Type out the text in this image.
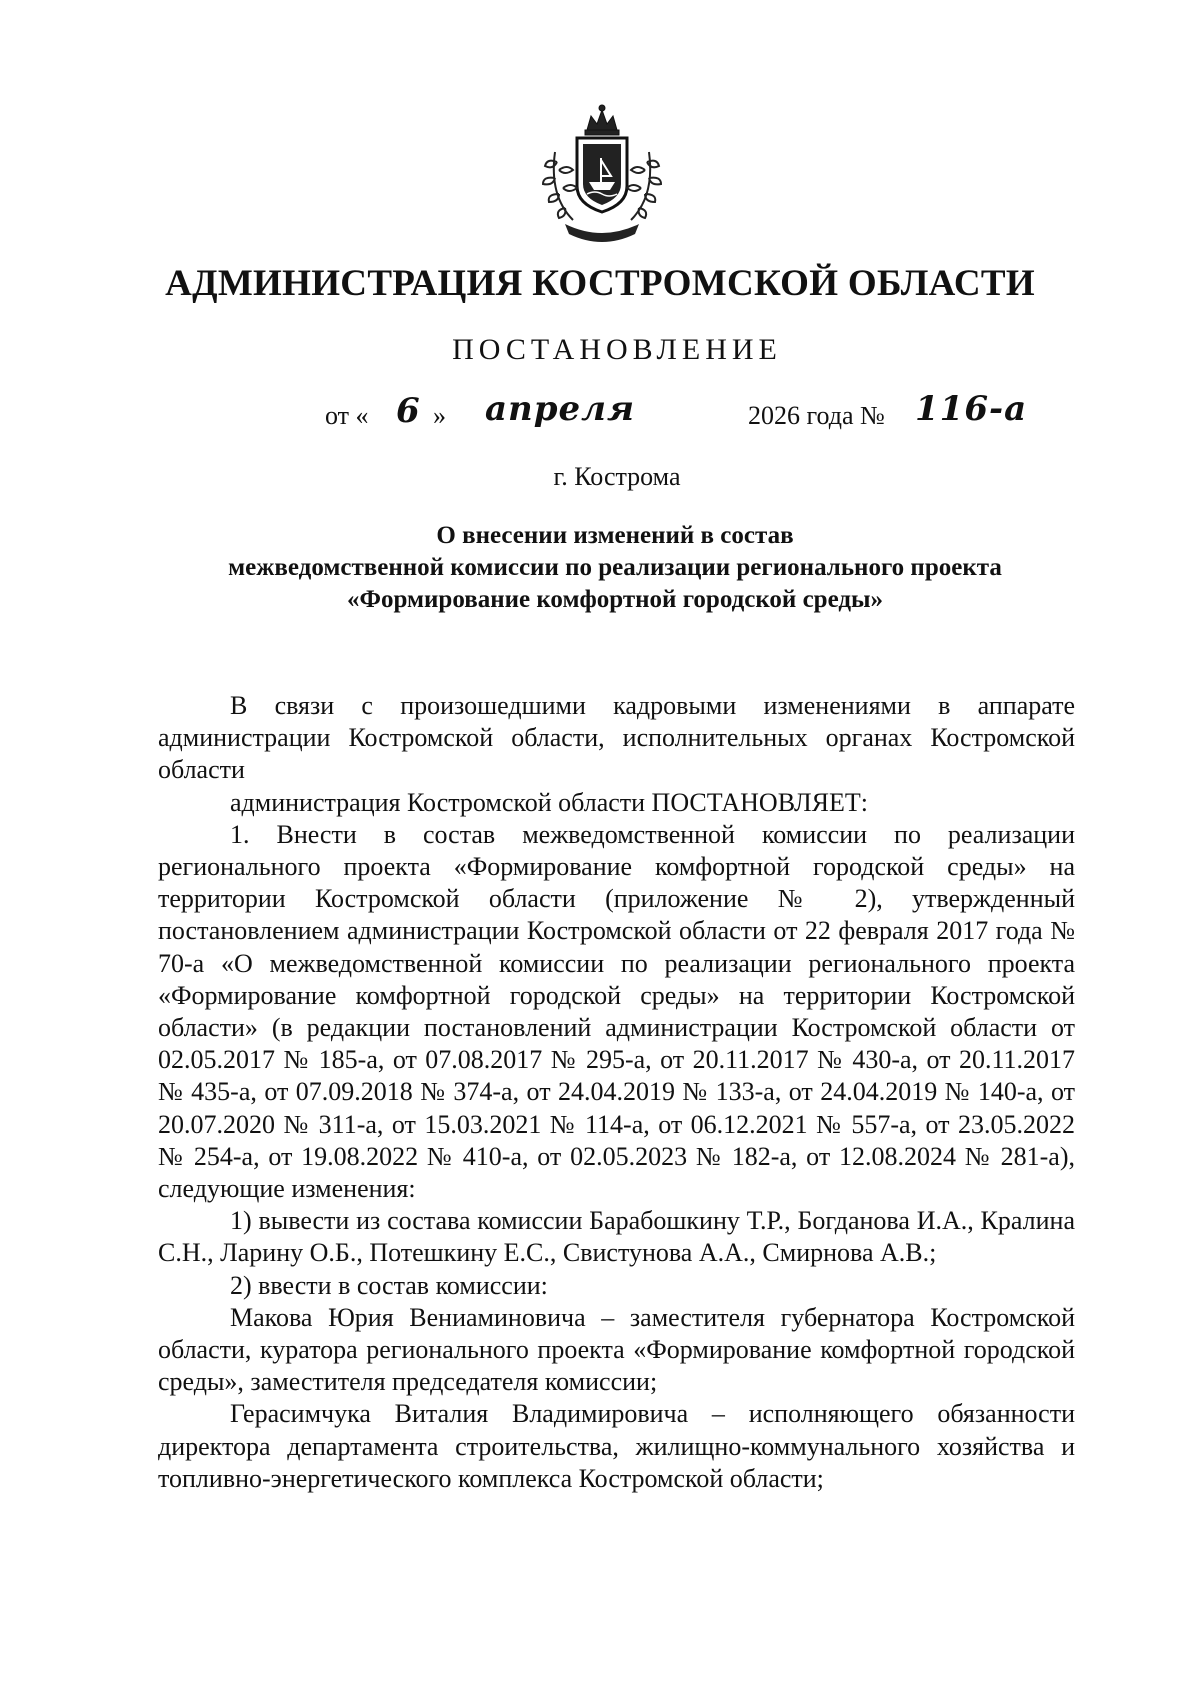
АДМИНИСТРАЦИЯ КОСТРОМСКОЙ ОБЛАСТИ
ПОСТАНОВЛЕНИЕ
от « 6 » апреля	2026 года № 116-а
г. Кострома
О внесении изменений в состав
межведомственной комиссии по реализации регионального проекта
«Формирование комфортной городской среды»

В связи с произошедшими кадровыми изменениями в аппарате администрации Костромской области, исполнительных органах Костромской области

администрация Костромской области ПОСТАНОВЛЯЕТ:

1. Внести в состав межведомственной комиссии по реализации регионального проекта «Формирование комфортной городской среды» на территории Костромской области (приложение № 2), утвержденный постановлением администрации Костромской области от 22 февраля 2017 года № 70-а «О межведомственной комиссии по реализации регионального проекта «Формирование комфортной городской среды» на территории Костромской области» (в редакции постановлений администрации Костромской области от 02.05.2017 № 185-а, от 07.08.2017 № 295-а, от 20.11.2017 № 430-а, от 20.11.2017 № 435-а, от 07.09.2018 № 374-а, от 24.04.2019 № 133-а, от 24.04.2019 № 140-а, от 20.07.2020 № 311-а, от 15.03.2021 № 114-а, от 06.12.2021 № 557-а, от 23.05.2022 № 254-а, от 19.08.2022 № 410-а, от 02.05.2023 № 182-а, от 12.08.2024 № 281-а), следующие изменения:

1) вывести из состава комиссии Барабошкину Т.Р., Богданова И.А., Кралина С.Н., Ларину О.Б., Потешкину Е.С., Свистунова А.А., Смирнова А.В.;

2) ввести в состав комиссии:

Макова Юрия Вениаминовича – заместителя губернатора Костромской области, куратора регионального проекта «Формирование комфортной городской среды», заместителя председателя комиссии;

Герасимчука Виталия Владимировича – исполняющего обязанности директора департамента строительства, жилищно-коммунального хозяйства и топливно-энергетического комплекса Костромской области;
